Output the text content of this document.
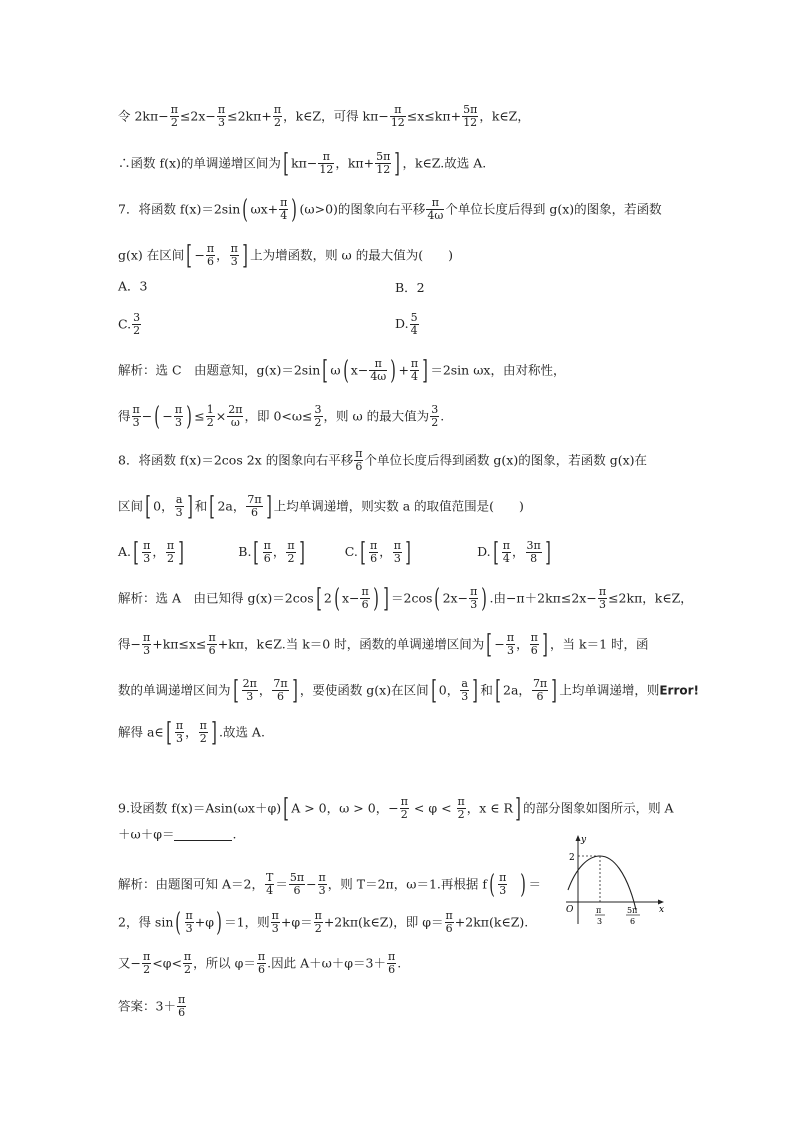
令 $2k\pi- \frac{\pi}{2} \le 2x- \frac{\pi}{3} \le 2k\pi+ \frac{\pi}{2}$ ，k∈Z，可得 $k\pi- \frac{\pi}{12} \le x\le k\pi+ \frac{5\pi}{12}$ ，k∈Z，
∴函数 f(x)的单调递增区间为[ $k\pi- \frac{\pi}{12}$ ，$k\pi+ \frac{5\pi}{12}$ ] ，k∈Z.故选 A.
7．将函数 f(x)＝2sin( $\omega x+ \frac{\pi}{4}$ ) (ω>0)的图象向右平移 $\frac{\pi}{4\omega}$ 个单位长度后得到 g(x)的图象，若函数
g(x) 在区间[ − $\frac{\pi}{6}$ ， $\frac{\pi}{3}$ ] 上为增函数，则 ω 的最大值为(　　)
A．3	B．2
C. $\frac{3}{2}$	D. $\frac{5}{4}$
解析：选 C　由题意知，g(x)＝2sin[ ω( $x- \frac{\pi}{4\omega}$ ) + $\frac{\pi}{4}$ ] ＝2sin ωx，由对称性，
得 $\frac{\pi}{3}$ −( − $\frac{\pi}{3}$ ) ≤ $\frac{1}{2} \times \frac{2\pi}{\omega}$ ，即 $0<\omega\le \frac{3}{2}$ ，则 ω 的最大值为 $\frac{3}{2}$ .
8．将函数 f(x)＝2cos 2x 的图象向右平移 $\frac{\pi}{6}$ 个单位长度后得到函数 g(x)的图象，若函数 g(x)在
区间[ 0， $\frac{a}{3}$ ] 和[ 2a， $\frac{7\pi}{6}$ ] 上均单调递增，则实数 a 的取值范围是(　　)
$A.[ \frac{\pi}{3}$ ， $\frac{\pi}{2}$ ]	$B.[ \frac{\pi}{6}$ ， $\frac{\pi}{2}$ ]	$C.[ \frac{\pi}{6}$ ， $\frac{\pi}{3}$ ]	$D.[ \frac{\pi}{4}$ ， $\frac{3\pi}{8}$ ]
解析：选 A　由已知得 g(x)＝2cos[ 2( $x- \frac{\pi}{6}$ ) ] ＝2cos( $2x- \frac{\pi}{3}$ ) .由$-\pi+2k\pi\le 2x- \frac{\pi}{3} \le 2k\pi$，k∈Z，
得− $\frac{\pi}{3} +k\pi\le x\le \frac{\pi}{6} +k\pi$，k∈Z.当 k＝0 时，函数的单调递增区间为[ − $\frac{\pi}{3}$ ， $\frac{\pi}{6}$ ] ，当 k＝1 时，函
数的单调递增区间为[ $\frac{2\pi}{3}$ ， $\frac{7\pi}{6}$ ] ，要使函数 g(x)在区间[ 0， $\frac{a}{3}$ ] 和[ 2a， $\frac{7\pi}{6}$ ] 上均单调递增，则Error!
解得 a∈[ $\frac{\pi}{3}$ ， $\frac{\pi}{2}$ ] .故选 A.
9.设函数 f(x)＝Asin(ωx＋φ)[ A > 0，ω > 0，− $\frac{\pi}{2} < \varphi < \frac{\pi}{2}$ ，x ∈ R] 的部分图象如图所示，则 A
＋ω＋φ＝	.
解析：由题图可知 A＝2， $\frac{T}{4} = \frac{5\pi}{6} - \frac{\pi}{3}$ ，则 T＝2π，ω＝1.再根据 $f( \frac{\pi}{3}$ ) ＝
2，得 $\sin( \frac{\pi}{3} +\varphi) =1$，则 $\frac{\pi}{3} +\varphi= \frac{\pi}{2}$ +2kπ(k∈Z)，即 $\varphi= \frac{\pi}{6}$ +2kπ(k∈Z).
又− $\frac{\pi}{2} <\varphi< \frac{\pi}{2}$ ，所以 $\varphi= \frac{\pi}{6}$ .因此 $A+\omega+\varphi=3+ \frac{\pi}{6}$ .
答案：$3+ \frac{\pi}{6}$
y
x
O
2
π
3
5π
6
